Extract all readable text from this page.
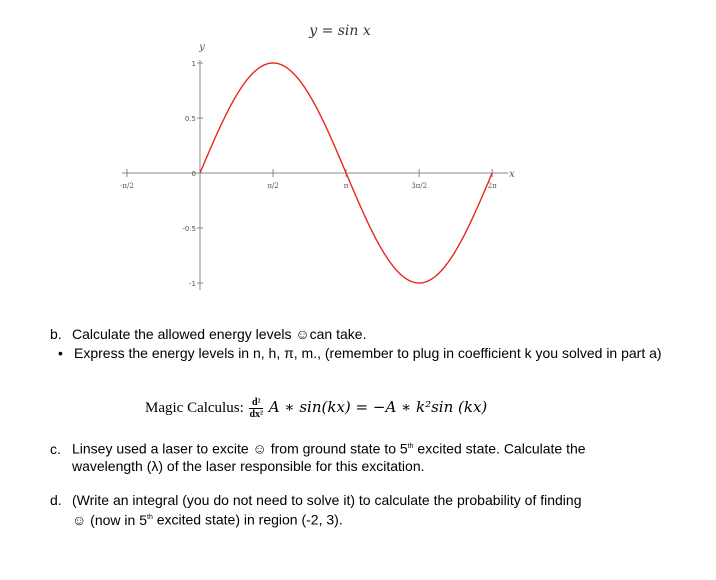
y = sin x
y
x
1
0.5
0
-0.5
-1
-π/2	π/2	π	3π/2	2π
b. Calculate the allowed energy levels ☺can take.
• Express the energy levels in n, h, π, m., (remember to plug in coefficient k you solved in part a)
Magic Calculus: $\frac{\text{d²}}{\text{dx²}}$ A ∗ sin(kx) = −A ∗ k²sin (kx)
c. Linsey used a laser to excite ☺ from ground state to 5th excited state. Calculate the
wavelength (λ) of the laser responsible for this excitation.
d. (Write an integral (you do not need to solve it) to calculate the probability of finding
☺ (now in 5th excited state) in region (-2, 3).
